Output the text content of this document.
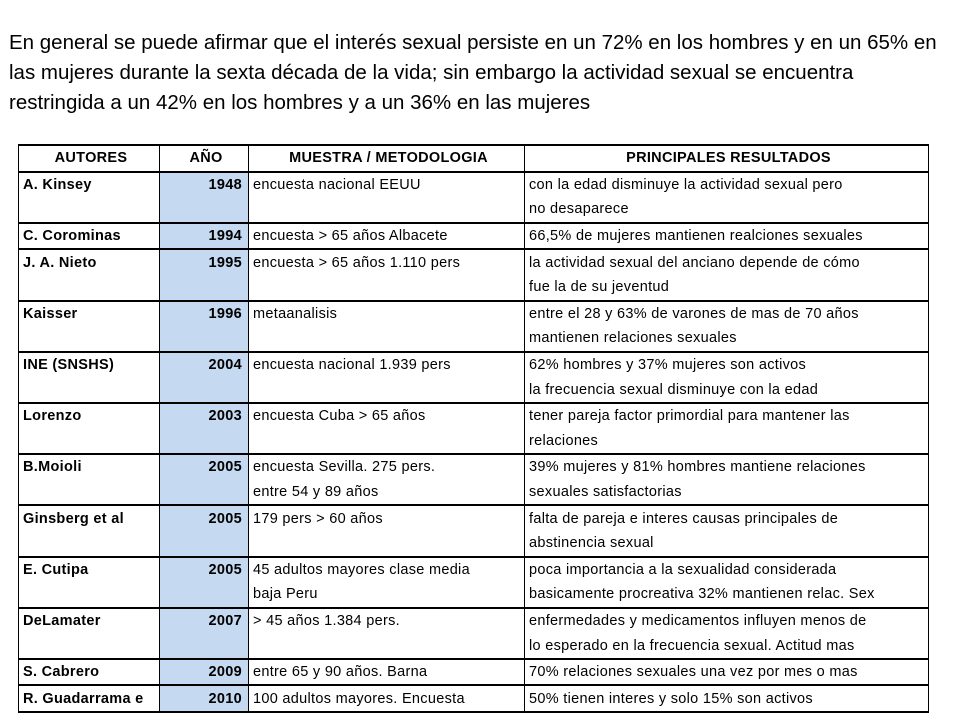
En general se puede afirmar que el interés sexual persiste en un 72% en los hombres y en un 65% en las mujeres durante la sexta década de la vida; sin embargo la actividad sexual se encuentra restringida a un 42% en los hombres y a un 36% en las mujeres

AUTORES	AÑO	MUESTRA / METODOLOGIA	PRINCIPALES RESULTADOS
A. Kinsey	1948	encuesta nacional EEUU	con la edad disminuye la actividad sexual pero
			no desaparece
C. Corominas	1994	encuesta > 65 años Albacete	66,5% de mujeres mantienen realciones sexuales
J. A. Nieto	1995	encuesta > 65 años 1.110 pers	la actividad sexual del anciano depende de cómo
			fue la de su jeventud
Kaisser	1996	metaanalisis	entre el 28 y 63% de varones de mas de 70 años
			mantienen relaciones sexuales
INE (SNSHS)	2004	encuesta nacional 1.939 pers	62% hombres y 37% mujeres son activos
			la frecuencia sexual disminuye con la edad
Lorenzo	2003	encuesta Cuba > 65 años	tener pareja factor primordial para mantener las
			relaciones
B.Moioli	2005	encuesta Sevilla. 275 pers.	39% mujeres y 81% hombres mantiene relaciones
		entre 54 y 89 años	sexuales satisfactorias
Ginsberg et al	2005	179 pers > 60 años	falta de pareja e interes causas principales de
			abstinencia sexual
E. Cutipa	2005	45 adultos mayores clase media	poca importancia a la sexualidad considerada
		baja Peru	basicamente procreativa 32% mantienen relac. Sex
DeLamater	2007	> 45 años 1.384 pers.	enfermedades y medicamentos influyen menos de
			lo esperado en la frecuencia sexual. Actitud mas
S. Cabrero	2009	entre 65 y 90 años. Barna	70% relaciones sexuales una vez por mes o mas
R. Guadarrama e	2010	100 adultos mayores. Encuesta	50% tienen interes y solo 15% son activos
